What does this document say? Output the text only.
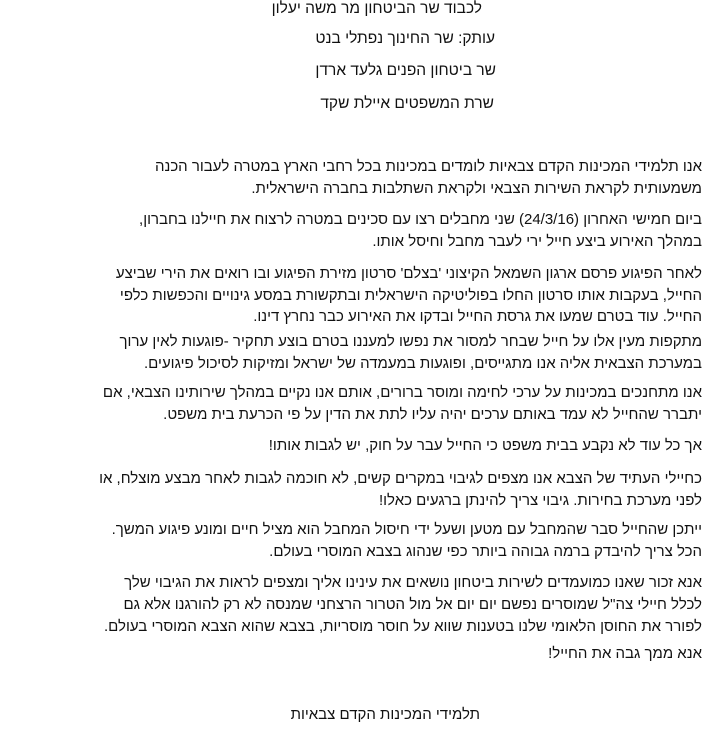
לכבוד שר הביטחון מר משה יעלון
עותק: שר החינוך נפתלי בנט
שר ביטחון הפנים גלעד ארדן
שרת המשפטים איילת שקד
אנו תלמידי המכינות הקדם צבאיות לומדים במכינות בכל רחבי הארץ במטרה לעבור הכנה
משמעותית לקראת השירות הצבאי ולקראת השתלבות בחברה הישראלית.
ביום חמישי האחרון (24/3/16) שני מחבלים רצו עם סכינים במטרה לרצוח את חיילנו בחברון,
במהלך האירוע ביצע חייל ירי לעבר מחבל וחיסל אותו.
לאחר הפיגוע פרסם ארגון השמאל הקיצוני 'בצלם' סרטון מזירת הפיגוע ובו רואים את הירי שביצע
החייל, בעקבות אותו סרטון החלו בפוליטיקה הישראלית ובתקשורת במסע גינויים והכפשות כלפי
החייל. עוד בטרם שמעו את גרסת החייל ובדקו את האירוע כבר נחרץ דינו.
מתקפות מעין אלו על חייל שבחר למסור את נפשו למעננו בטרם בוצע תחקיר -פוגעות לאין ערוך
במערכת הצבאית אליה אנו מתגייסים, ופוגעות במעמדה של ישראל ומזיקות לסיכול פיגועים.
אנו מתחנכים במכינות על ערכי לחימה ומוסר ברורים, אותם אנו נקיים במהלך שירותינו הצבאי, אם
יתברר שהחייל לא עמד באותם ערכים יהיה עליו לתת את הדין על פי הכרעת בית משפט.
אך כל עוד לא נקבע בבית משפט כי החייל עבר על חוק, יש לגבות אותו!
כחיילי העתיד של הצבא אנו מצפים לגיבוי במקרים קשים, לא חוכמה לגבות לאחר מבצע מוצלח, או
לפני מערכת בחירות. גיבוי צריך להינתן ברגעים כאלו!
ייתכן שהחייל סבר שהמחבל עם מטען ושעל ידי חיסול המחבל הוא מציל חיים ומונע פיגוע המשך.
הכל צריך להיבדק ברמה גבוהה ביותר כפי שנהוג בצבא המוסרי בעולם.
אנא זכור שאנו כמועמדים לשירות ביטחון נושאים את עינינו אליך ומצפים לראות את הגיבוי שלך
לכלל חיילי צה"ל שמוסרים נפשם יום יום אל מול הטרור הרצחני שמנסה לא רק להורגנו אלא גם
לפורר את החוסן הלאומי שלנו בטענות שווא על חוסר מוסריות, בצבא שהוא הצבא המוסרי בעולם.
אנא ממך גבה את החייל!
תלמידי המכינות הקדם צבאיות
